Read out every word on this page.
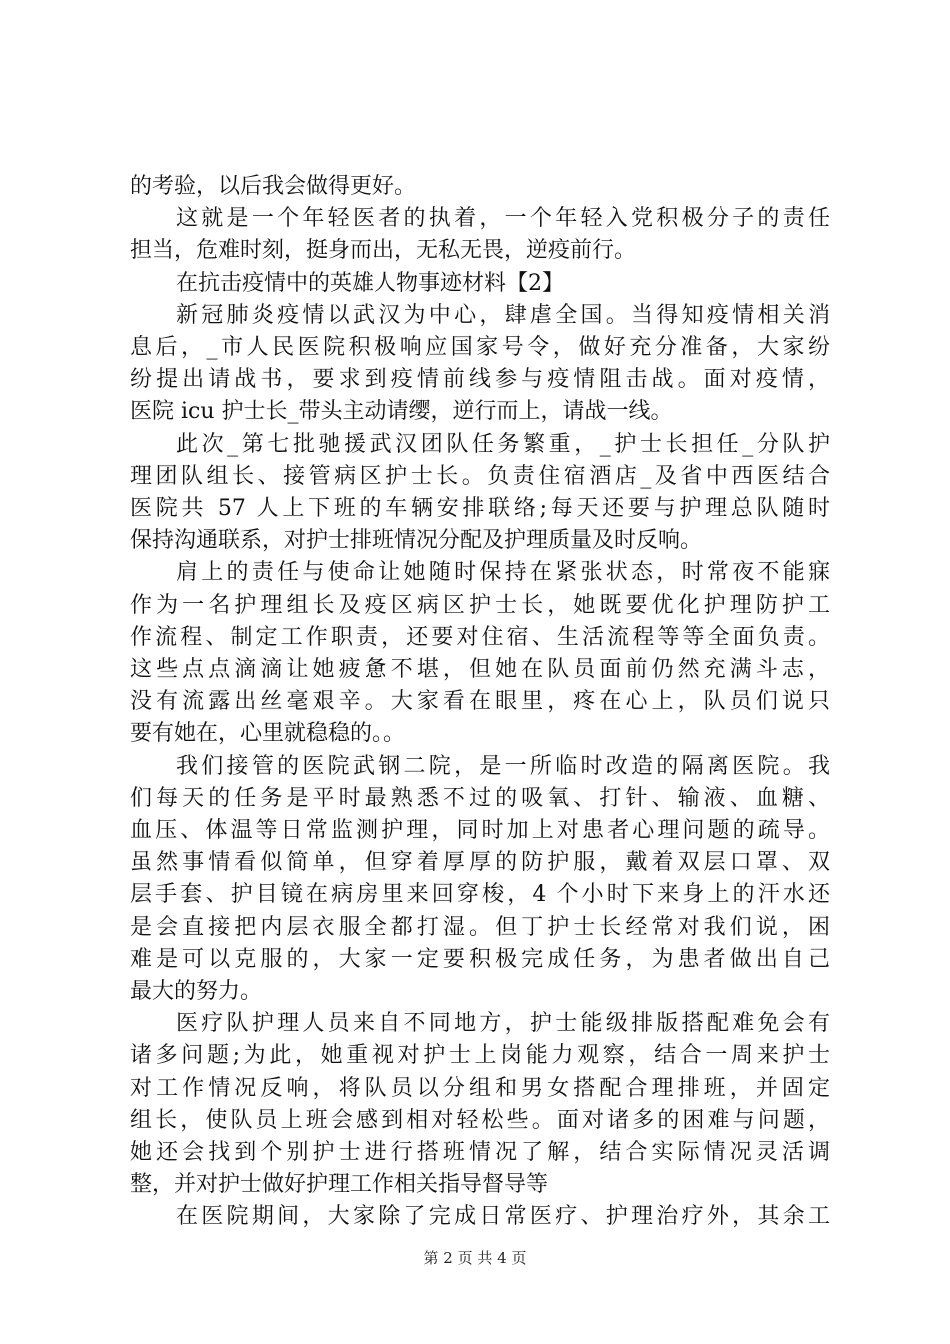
的考验，以后我会做得更好。
这就是一个年轻医者的执着，一个年轻入党积极分子的责任
担当，危难时刻，挺身而出，无私无畏，逆疫前行。
在抗击疫情中的英雄人物事迹材料【2】
新冠肺炎疫情以武汉为中心，肆虐全国。当得知疫情相关消
息后，_市人民医院积极响应国家号令，做好充分准备，大家纷
纷提出请战书，要求到疫情前线参与疫情阻击战。面对疫情，
医院 icu 护士长_带头主动请缨，逆行而上，请战一线。
此次_第七批驰援武汉团队任务繁重，_护士长担任_分队护
理团队组长、接管病区护士长。负责住宿酒店_及省中西医结合
医院共 57 人上下班的车辆安排联络;每天还要与护理总队随时
保持沟通联系，对护士排班情况分配及护理质量及时反响。
肩上的责任与使命让她随时保持在紧张状态，时常夜不能寐
作为一名护理组长及疫区病区护士长，她既要优化护理防护工
作流程、制定工作职责，还要对住宿、生活流程等等全面负责。
这些点点滴滴让她疲惫不堪，但她在队员面前仍然充满斗志，
没有流露出丝毫艰辛。大家看在眼里，疼在心上，队员们说只
要有她在，心里就稳稳的。。
我们接管的医院武钢二院，是一所临时改造的隔离医院。我
们每天的任务是平时最熟悉不过的吸氧、打针、输液、血糖、
血压、体温等日常监测护理，同时加上对患者心理问题的疏导。
虽然事情看似简单，但穿着厚厚的防护服，戴着双层口罩、双
层手套、护目镜在病房里来回穿梭，4 个小时下来身上的汗水还
是会直接把内层衣服全都打湿。但丁护士长经常对我们说，困
难是可以克服的，大家一定要积极完成任务，为患者做出自己
最大的努力。
医疗队护理人员来自不同地方，护士能级排版搭配难免会有
诸多问题;为此，她重视对护士上岗能力观察，结合一周来护士
对工作情况反响，将队员以分组和男女搭配合理排班，并固定
组长，使队员上班会感到相对轻松些。面对诸多的困难与问题，
她还会找到个别护士进行搭班情况了解，结合实际情况灵活调
整，并对护士做好护理工作相关指导督导等
在医院期间，大家除了完成日常医疗、护理治疗外，其余工
第 2 页 共 4 页
